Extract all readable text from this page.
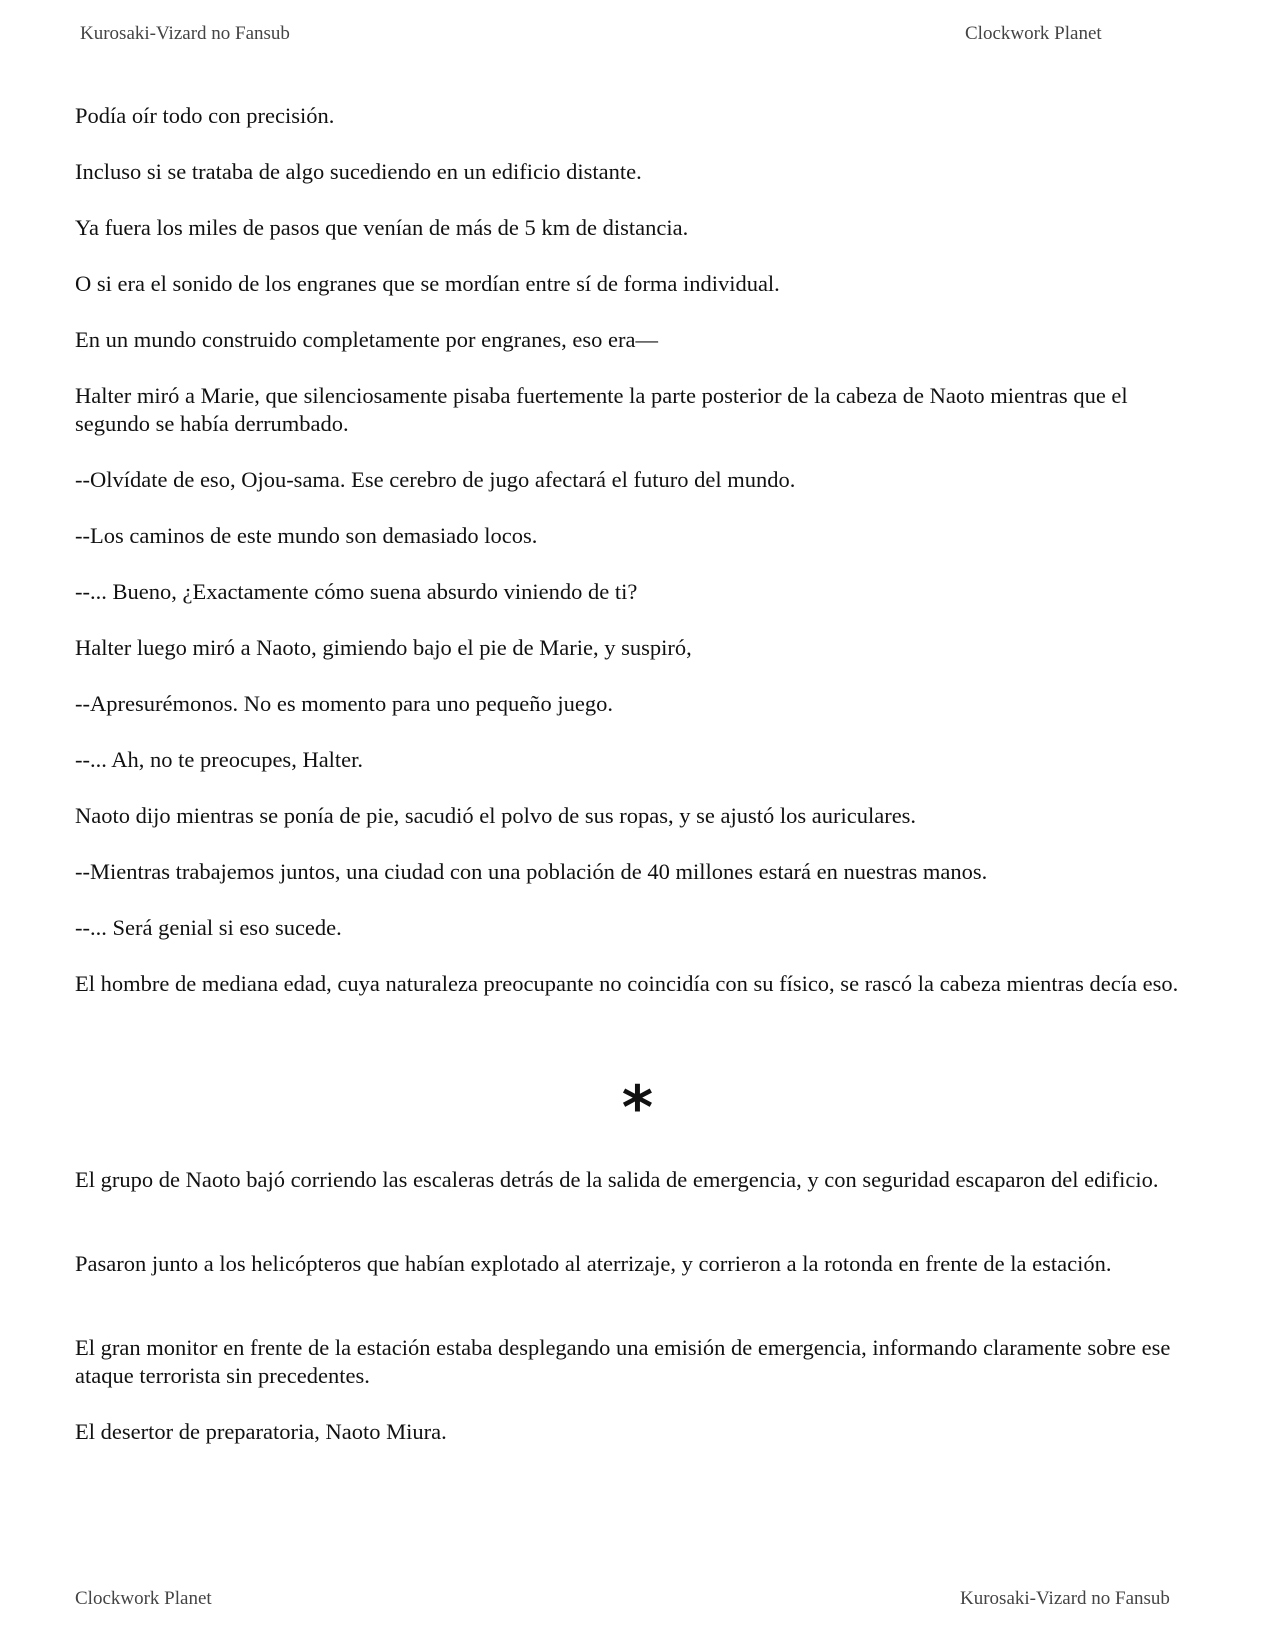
Kurosaki-Vizard no Fansub	Clockwork Planet

Podía oír todo con precisión.

Incluso si se trataba de algo sucediendo en un edificio distante.

Ya fuera los miles de pasos que venían de más de 5 km de distancia.

O si era el sonido de los engranes que se mordían entre sí de forma individual.

En un mundo construido completamente por engranes, eso era—

Halter miró a Marie, que silenciosamente pisaba fuertemente la parte posterior de la cabeza de Naoto mientras que el segundo se había derrumbado.

--Olvídate de eso, Ojou-sama. Ese cerebro de jugo afectará el futuro del mundo.

--Los caminos de este mundo son demasiado locos.

--... Bueno, ¿Exactamente cómo suena absurdo viniendo de ti?

Halter luego miró a Naoto, gimiendo bajo el pie de Marie, y suspiró,

--Apresurémonos. No es momento para uno pequeño juego.

--... Ah, no te preocupes, Halter.

Naoto dijo mientras se ponía de pie, sacudió el polvo de sus ropas, y se ajustó los auriculares.

--Mientras trabajemos juntos, una ciudad con una población de 40 millones estará en nuestras manos.

--... Será genial si eso sucede.

El hombre de mediana edad, cuya naturaleza preocupante no coincidía con su físico, se rascó la cabeza mientras decía eso.

*

El grupo de Naoto bajó corriendo las escaleras detrás de la salida de emergencia, y con seguridad escaparon del edificio.

Pasaron junto a los helicópteros que habían explotado al aterrizaje, y corrieron a la rotonda en frente de la estación.

El gran monitor en frente de la estación estaba desplegando una emisión de emergencia, informando claramente sobre ese ataque terrorista sin precedentes.

El desertor de preparatoria, Naoto Miura.

Clockwork Planet	Kurosaki-Vizard no Fansub
